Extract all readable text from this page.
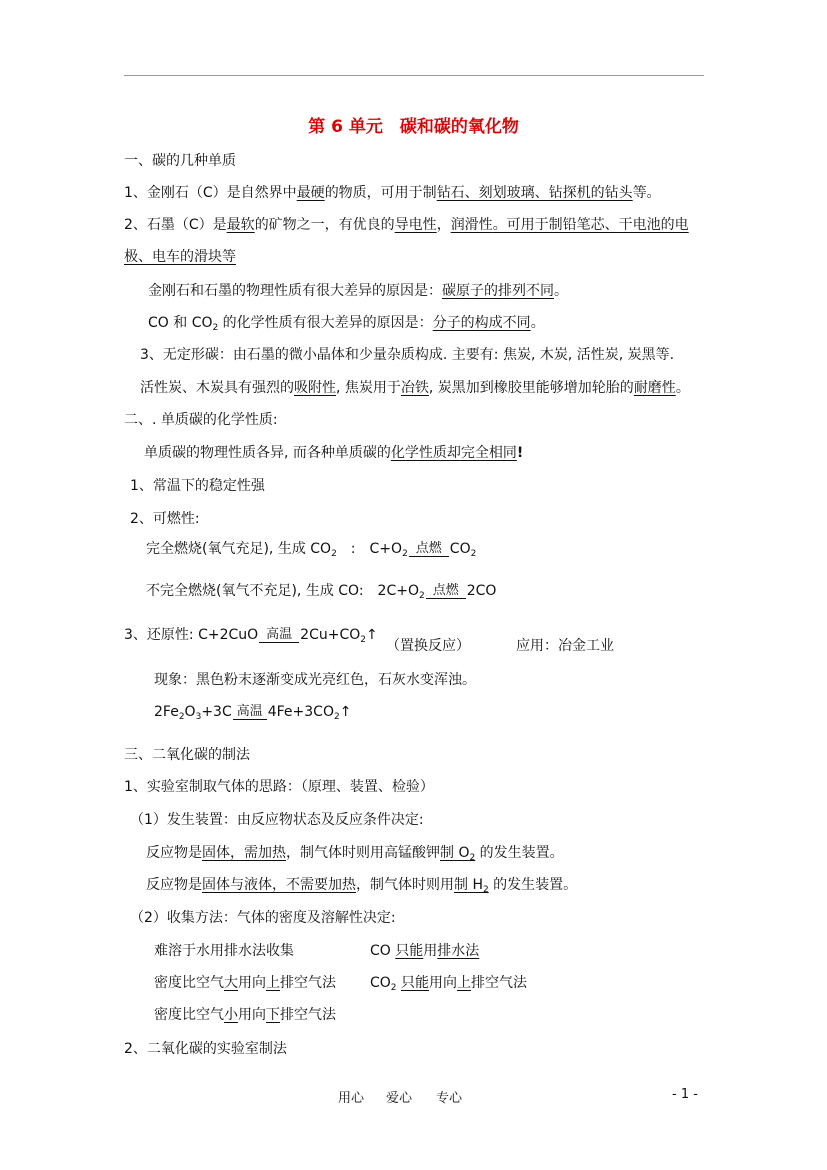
第 6 单元　碳和碳的氧化物
一、碳的几种单质
1、金刚石（C）是自然界中最硬的物质，可用于制钻石、刻划玻璃、钻探机的钻头等。
2、石墨（C）是最软的矿物之一，有优良的导电性，润滑性。可用于制铅笔芯、干电池的电
极、电车的滑块等
金刚石和石墨的物理性质有很大差异的原因是：碳原子的排列不同。
CO 和 $CO_2$ 的化学性质有很大差异的原因是：分子的构成不同。
3、无定形碳：由石墨的微小晶体和少量杂质构成. 主要有: 焦炭, 木炭, 活性炭, 炭黑等.
活性炭、木炭具有强烈的吸附性, 焦炭用于冶铁, 炭黑加到橡胶里能够增加轮胎的耐磨性。
二、. 单质碳的化学性质:
单质碳的物理性质各异, 而各种单质碳的化学性质却完全相同!
1、常温下的稳定性强
2、可燃性:
完全燃烧(氧气充足), 生成 $CO_2$　:　$C+O_2$ 点燃 $CO_2$
不完全燃烧(氧气不充足), 生成 CO:　$2C+O_2$ 点燃 2CO
3、还原性: C+2CuO 高温 $2Cu+CO_2↑$
（置换反应）	应用：冶金工业
现象：黑色粉末逐渐变成光亮红色，石灰水变浑浊。
$2Fe_2O_3+3C$ 高温 $4Fe+3CO_2↑$
三、二氧化碳的制法
1、实验室制取气体的思路：（原理、装置、检验）
（1）发生装置：由反应物状态及反应条件决定:
反应物是固体，需加热，制气体时则用高锰酸钾制 $O_2$ 的发生装置。
反应物是固体与液体，不需要加热，制气体时则用制 $H_2$ 的发生装置。
（2）收集方法：气体的密度及溶解性决定:
难溶于水用排水法收集	CO 只能用排水法
密度比空气大用向上排空气法 $CO_2$ 只能用向上排空气法
密度比空气小用向下排空气法
2、二氧化碳的实验室制法
用心 爱心 专心	- 1 -
